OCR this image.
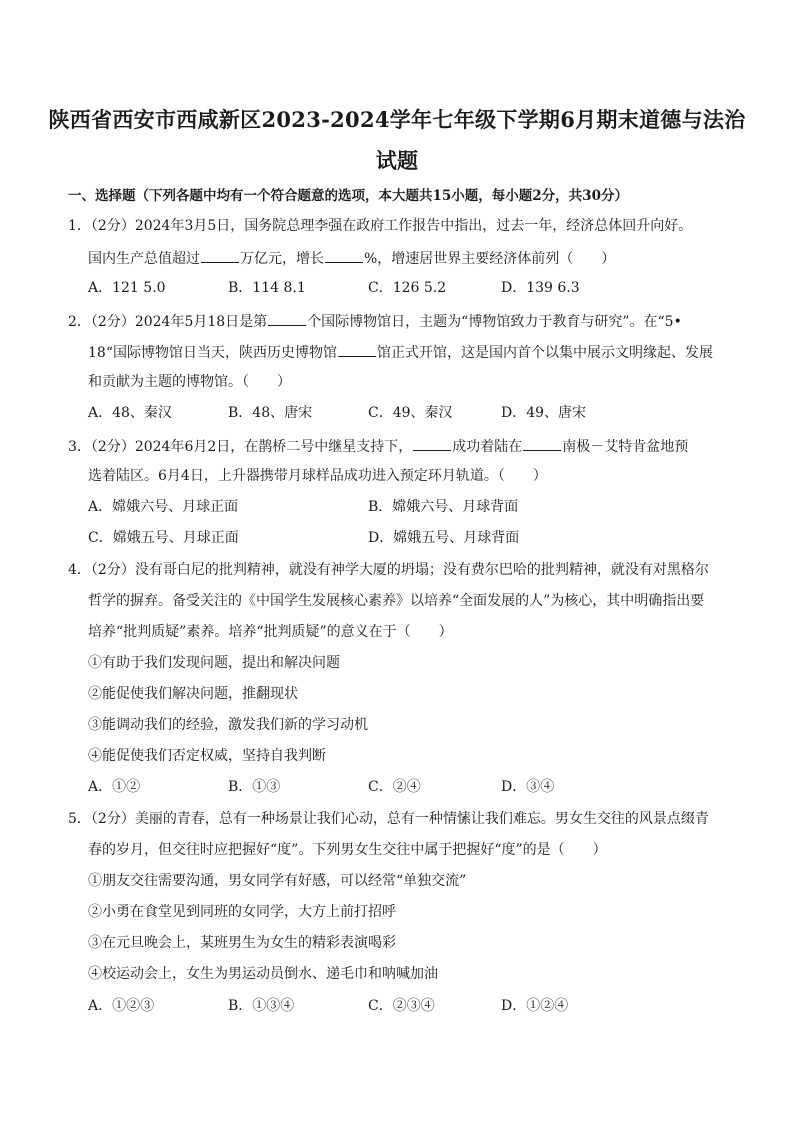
陕西省西安市西咸新区2023-2024学年七年级下学期6月期末道德与法治
试题
一、选择题（下列各题中均有一个符合题意的选项，本大题共15小题，每小题2分，共30分）
1．（2分）2024年3月5日，国务院总理李强在政府工作报告中指出，过去一年，经济总体回升向好。
国内生产总值超过	万亿元，增长	%，增速居世界主要经济体前列（　　）
A．121 5.0	B．114 8.1	C．126 5.2	D．139 6.3
2．（2分）2024年5月18日是第	个国际博物馆日，主题为“博物馆致力于教育与研究”。在“5•
18“国际博物馆日当天，陕西历史博物馆	馆正式开馆，这是国内首个以集中展示文明缘起、发展
和贡献为主题的博物馆。（　　）
A．48、秦汉	B．48、唐宋	C．49、秦汉	D．49、唐宋
3．（2分）2024年6月2日，在鹊桥二号中继星支持下，	成功着陆在	南极－艾特肯盆地预
选着陆区。6月4日，上升器携带月球样品成功进入预定环月轨道。（　　）
A．嫦娥六号、月球正面	B．嫦娥六号、月球背面
C．嫦娥五号、月球正面	D．嫦娥五号、月球背面
4．（2分）没有哥白尼的批判精神，就没有神学大厦的坍塌；没有费尔巴哈的批判精神，就没有对黑格尔
哲学的摒弃。备受关注的《中国学生发展核心素养》以培养“全面发展的人”为核心，其中明确指出要
培养“批判质疑”素养。培养“批判质疑”的意义在于（　　）
①有助于我们发现问题，提出和解决问题
②能促使我们解决问题，推翻现状
③能调动我们的经验，激发我们新的学习动机
④能促使我们否定权威，坚持自我判断
A．①②	B．①③	C．②④	D．③④
5．（2分）美丽的青春，总有一种场景让我们心动，总有一种情愫让我们难忘。男女生交往的风景点缀青
春的岁月，但交往时应把握好“度”。下列男女生交往中属于把握好“度”的是（　　）
①朋友交往需要沟通，男女同学有好感，可以经常“单独交流”
②小勇在食堂见到同班的女同学，大方上前打招呼
③在元旦晚会上，某班男生为女生的精彩表演喝彩
④校运动会上，女生为男运动员倒水、递毛巾和呐喊加油
A．①②③	B．①③④	C．②③④	D．①②④
